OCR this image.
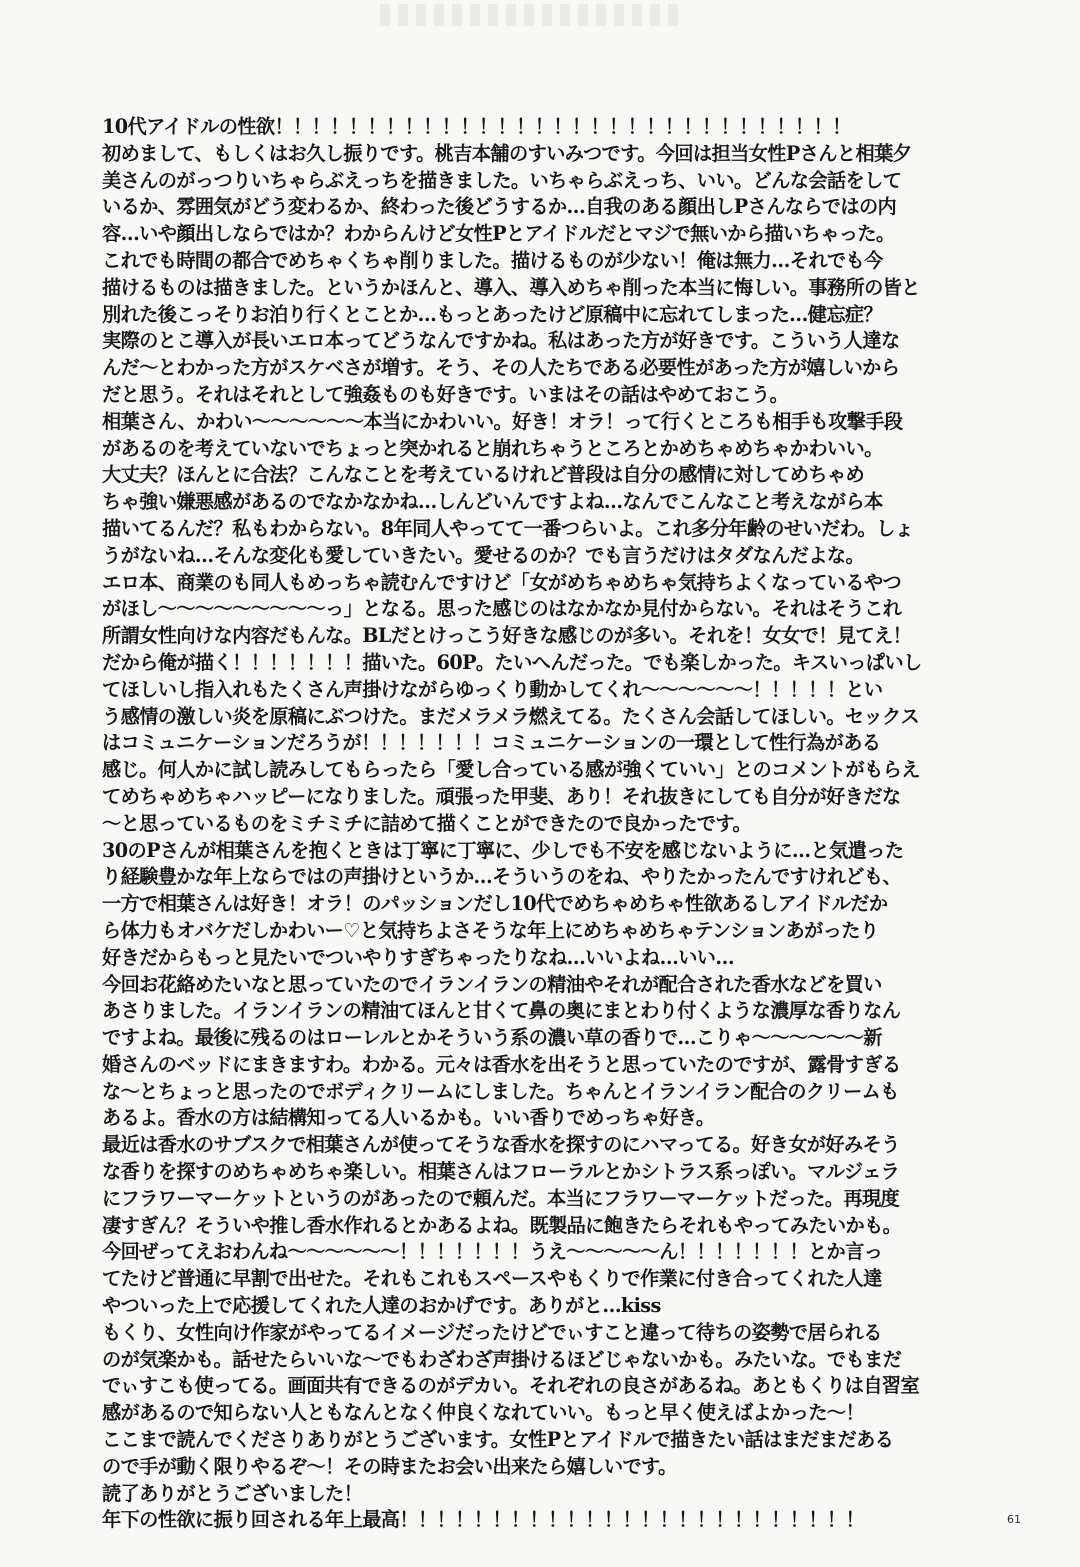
10代アイドルの性欲！！！！！！！！！！！！！！！！！！！！！！！！！！！！！！！
初めまして、もしくはお久し振りです。桃吉本舗のすいみつです。今回は担当女性Pさんと相葉夕
美さんのがっつりいちゃらぶえっちを描きました。いちゃらぶえっち、いい。どんな会話をして
いるか、雰囲気がどう変わるか、終わった後どうするか…自我のある顔出しPさんならではの内
容…いや顔出しならではか？わからんけど女性Pとアイドルだとマジで無いから描いちゃった。
これでも時間の都合でめちゃくちゃ削りました。描けるものが少ない！俺は無力…それでも今
描けるものは描きました。というかほんと、導入、導入めちゃ削った本当に悔しい。事務所の皆と
別れた後こっそりお泊り行くとことか…もっとあったけど原稿中に忘れてしまった…健忘症？
実際のとこ導入が長いエロ本ってどうなんですかね。私はあった方が好きです。こういう人達な
んだ～とわかった方がスケベさが増す。そう、その人たちである必要性があった方が嬉しいから
だと思う。それはそれとして強姦ものも好きです。いまはその話はやめておこう。
相葉さん、かわい～～～～～～本当にかわいい。好き！オラ！って行くところも相手も攻撃手段
があるのを考えていないでちょっと突かれると崩れちゃうところとかめちゃめちゃかわいい。
大丈夫？ほんとに合法？こんなことを考えているけれど普段は自分の感情に対してめちゃめ
ちゃ強い嫌悪感があるのでなかなかね…しんどいんですよね…なんでこんなこと考えながら本
描いてるんだ？私もわからない。8年同人やってて一番つらいよ。これ多分年齢のせいだわ。しょ
うがないね…そんな変化も愛していきたい。愛せるのか？でも言うだけはタダなんだよな。
エロ本、商業のも同人もめっちゃ読むんですけど「女がめちゃめちゃ気持ちよくなっているやつ
がほし～～～～～～～～～っ」となる。思った感じのはなかなか見付からない。それはそうこれ
所謂女性向けな内容だもんな。BLだとけっこう好きな感じのが多い。それを！女女で！見てえ！
だから俺が描く！！！！！！！描いた。60P。たいへんだった。でも楽しかった。キスいっぱいし
てほしいし指入れもたくさん声掛けながらゆっくり動かしてくれ～～～～～～！！！！！とい
う感情の激しい炎を原稿にぶつけた。まだメラメラ燃えてる。たくさん会話してほしい。セックス
はコミュニケーションだろうが！！！！！！！コミュニケーションの一環として性行為がある
感じ。何人かに試し読みしてもらったら「愛し合っている感が強くていい」とのコメントがもらえ
てめちゃめちゃハッピーになりました。頑張った甲斐、あり！それ抜きにしても自分が好きだな
～と思っているものをミチミチに詰めて描くことができたので良かったです。
30のPさんが相葉さんを抱くときは丁寧に丁寧に、少しでも不安を感じないように…と気遣った
り経験豊かな年上ならではの声掛けというか…そういうのをね、やりたかったんですけれども、
一方で相葉さんは好き！オラ！のパッションだし10代でめちゃめちゃ性欲あるしアイドルだか
ら体力もオバケだしかわいー♡と気持ちよさそうな年上にめちゃめちゃテンションあがったり
好きだからもっと見たいでついやりすぎちゃったりなね…いいよね…いい…
今回お花絡めたいなと思っていたのでイランイランの精油やそれが配合された香水などを買い
あさりました。イランイランの精油てほんと甘くて鼻の奥にまとわり付くような濃厚な香りなん
ですよね。最後に残るのはローレルとかそういう系の濃い草の香りで…こりゃ～～～～～～新
婚さんのベッドにまきますわ。わかる。元々は香水を出そうと思っていたのですが、露骨すぎる
な～とちょっと思ったのでボディクリームにしました。ちゃんとイランイラン配合のクリームも
あるよ。香水の方は結構知ってる人いるかも。いい香りでめっちゃ好き。
最近は香水のサブスクで相葉さんが使ってそうな香水を探すのにハマってる。好き女が好みそう
な香りを探すのめちゃめちゃ楽しい。相葉さんはフローラルとかシトラス系っぽい。マルジェラ
にフラワーマーケットというのがあったので頼んだ。本当にフラワーマーケットだった。再現度
凄すぎん？そういや推し香水作れるとかあるよね。既製品に飽きたらそれもやってみたいかも。
今回ぜってえおわんね～～～～～～！！！！！！！うえ～～～～～ん！！！！！！！とか言っ
てたけど普通に早割で出せた。それもこれもスペースやもくりで作業に付き合ってくれた人達
やついった上で応援してくれた人達のおかげです。ありがと…kiss
もくり、女性向け作家がやってるイメージだったけどでぃすこと違って待ちの姿勢で居られる
のが気楽かも。話せたらいいな～でもわざわざ声掛けるほどじゃないかも。みたいな。でもまだ
でぃすこも使ってる。画面共有できるのがデカい。それぞれの良さがあるね。あともくりは自習室
感があるので知らない人ともなんとなく仲良くなれていい。もっと早く使えばよかった～！
ここまで読んでくださりありがとうございます。女性Pとアイドルで描きたい話はまだまだある
ので手が動く限りやるぞ～！その時またお会い出来たら嬉しいです。
読了ありがとうございました！
年下の性欲に振り回される年上最高！！！！！！！！！！！！！！！！！！！！！！！！！	61
